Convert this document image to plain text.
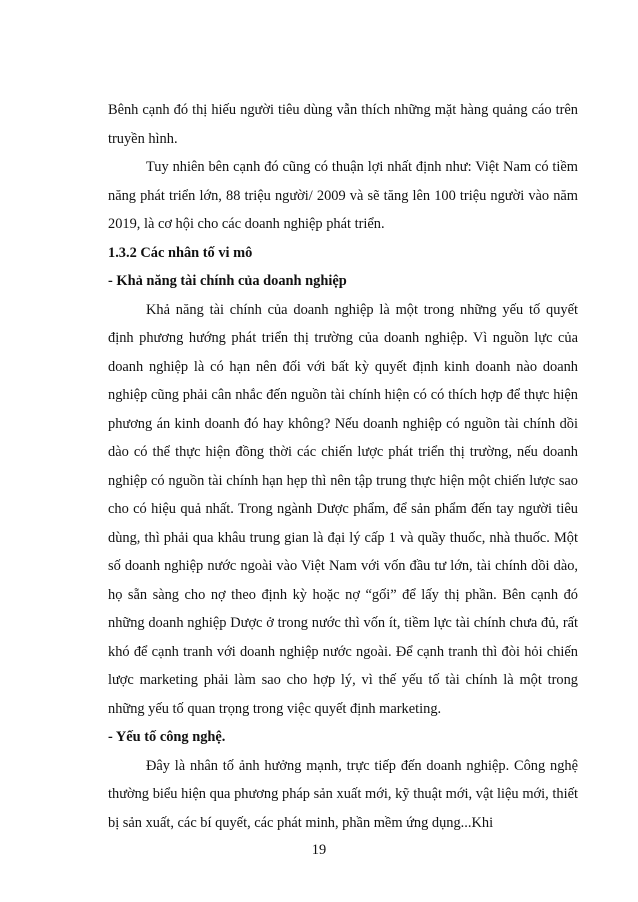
Bênh cạnh đó thị hiếu người tiêu dùng vẫn thích những mặt hàng quảng cáo trên truyền hình.

Tuy nhiên bên cạnh đó cũng có thuận lợi nhất định như: Việt Nam có tiềm năng phát triển lớn, 88 triệu người/ 2009 và sẽ tăng lên 100 triệu người vào năm 2019, là cơ hội cho các doanh nghiệp phát triển.

1.3.2 Các nhân tố vi mô

- Khả năng tài chính của doanh nghiệp

Khả năng tài chính của doanh nghiệp là một trong những yếu tố quyết định phương hướng phát triển thị trường của doanh nghiệp. Vì nguồn lực của doanh nghiệp là có hạn nên đối với bất kỳ quyết định kinh doanh nào doanh nghiệp cũng phải cân nhắc đến nguồn tài chính hiện có có thích hợp để thực hiện phương án kinh doanh đó hay không? Nếu doanh nghiệp có nguồn tài chính dồi dào có thể thực hiện đồng thời các chiến lược phát triển thị trường, nếu doanh nghiệp có nguồn tài chính hạn hẹp thì nên tập trung thực hiện một chiến lược sao cho có hiệu quả nhất. Trong ngành Dược phẩm, để sản phẩm đến tay người tiêu dùng, thì phải qua khâu trung gian là đại lý cấp 1 và quầy thuốc, nhà thuốc. Một số doanh nghiệp nước ngoài vào Việt Nam với vốn đầu tư lớn, tài chính dồi dào, họ sẵn sàng cho nợ theo định kỳ hoặc nợ “gối” để lấy thị phần. Bên cạnh đó những doanh nghiệp Dược ở trong nước thì vốn ít, tiềm lực tài chính chưa đủ, rất khó để cạnh tranh với doanh nghiệp nước ngoài. Để cạnh tranh thì đòi hỏi chiến lược marketing phải làm sao cho hợp lý, vì thế yếu tố tài chính là một trong những yếu tố quan trọng trong việc quyết định marketing.

- Yếu tố công nghệ.

Đây là nhân tố ảnh hưởng mạnh, trực tiếp đến doanh nghiệp. Công nghệ thường biểu hiện qua phương pháp sản xuất mới, kỹ thuật mới, vật liệu mới, thiết bị sản xuất, các bí quyết, các phát minh, phần mềm ứng dụng...Khi

19
